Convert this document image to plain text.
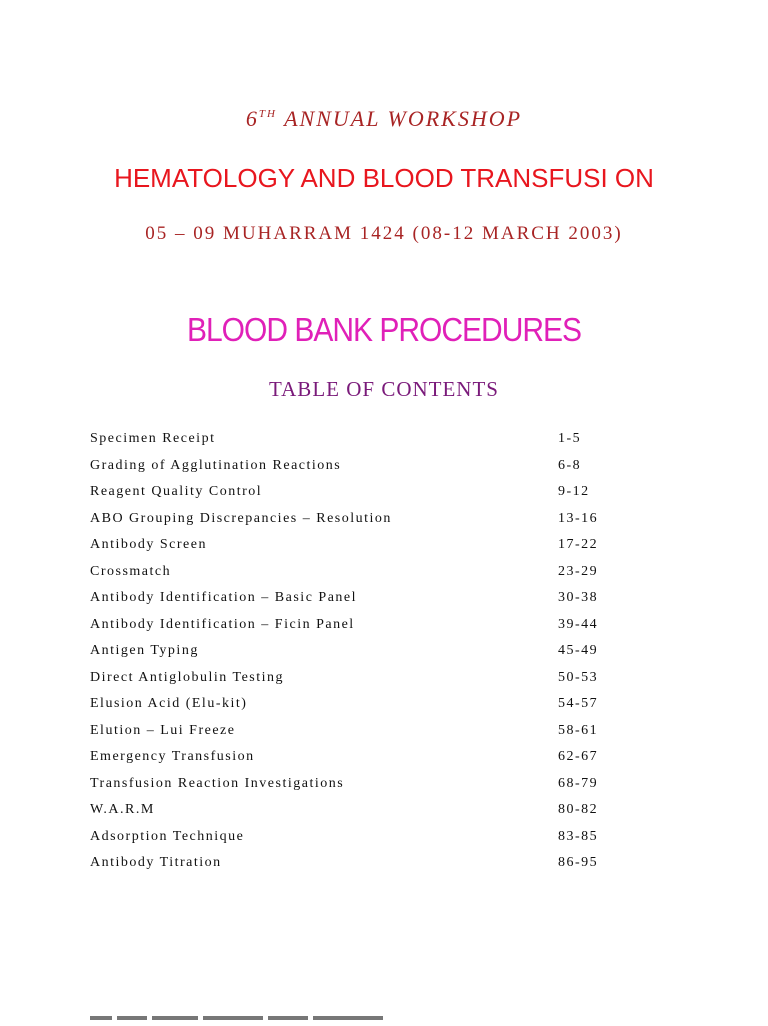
6TH ANNUAL WORKSHOP
HEMATOLOGY AND BLOOD TRANSFUSI ON
05 – 09 MUHARRAM 1424 (08-12 MARCH 2003)
BLOOD BANK PROCEDURES
TABLE OF CONTENTS
Specimen Receipt	1-5
Grading of Agglutination Reactions	6-8
Reagent Quality Control	9-12
ABO Grouping Discrepancies – Resolution	13-16
Antibody Screen	17-22
Crossmatch	23-29
Antibody Identification – Basic Panel	30-38
Antibody Identification – Ficin Panel	39-44
Antigen Typing	45-49
Direct Antiglobulin Testing	50-53
Elusion Acid (Elu-kit)	54-57
Elution – Lui Freeze	58-61
Emergency Transfusion	62-67
Transfusion Reaction Investigations	68-79
W.A.R.M	80-82
Adsorption Technique	83-85
Antibody Titration	86-95
